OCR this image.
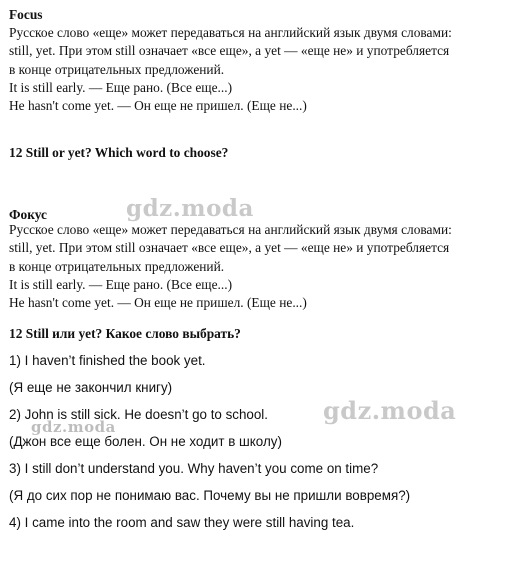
Focus
Русское слово «еще» может передаваться на английский язык двумя словами:
still, yet. При этом still означает «все еще», а yet — «еще не» и употребляется
в конце отрицательных предложений.
It is still early. — Еще рано. (Все еще...)
He hasn't come yet. — Он еще не пришел. (Еще не...)
12 Still or yet? Which word to choose?
Фокус
Русское слово «еще» может передаваться на английский язык двумя словами:
still, yet. При этом still означает «все еще», а yet — «еще не» и употребляется
в конце отрицательных предложений.
It is still early. — Еще рано. (Все еще...)
He hasn't come yet. — Он еще не пришел. (Еще не...)
12 Still или yet? Какое слово выбрать?
1) I haven’t finished the book yet.
(Я еще не закончил книгу)
2) John is still sick. He doesn’t go to school.
(Джон все еще болен. Он не ходит в школу)
3) I still don’t understand you. Why haven’t you come on time?
(Я до сих пор не понимаю вас. Почему вы не пришли вовремя?)
4) I came into the room and saw they were still having tea.
gdz.moda
gdz.moda
gdz.moda
